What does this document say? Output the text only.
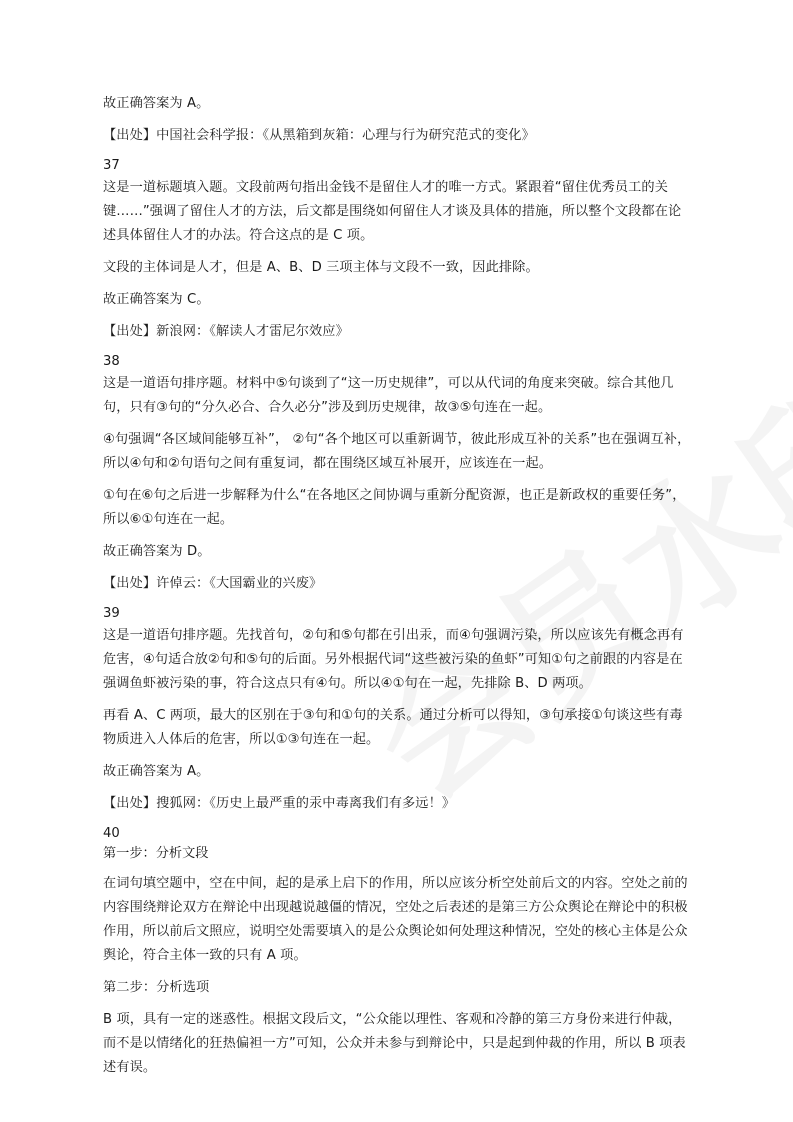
故正确答案为 A。

【出处】中国社会科学报：《从黑箱到灰箱：心理与行为研究范式的变化》

37

这是一道标题填入题。文段前两句指出金钱不是留住人才的唯一方式。紧跟着“留住优秀员工的关键……”强调了留住人才的方法，后文都是围绕如何留住人才谈及具体的措施，所以整个文段都在论述具体留住人才的办法。符合这点的是 C 项。

文段的主体词是人才，但是 A、B、D 三项主体与文段不一致，因此排除。

故正确答案为 C。

【出处】新浪网：《解读人才雷尼尔效应》

38

这是一道语句排序题。材料中⑤句谈到了“这一历史规律”，可以从代词的角度来突破。综合其他几句，只有③句的“分久必合、合久必分”涉及到历史规律，故③⑤句连在一起。

④句强调“各区域间能够互补”， ②句“各个地区可以重新调节，彼此形成互补的关系”也在强调互补，所以④句和②句语句之间有重复词，都在围绕区域互补展开，应该连在一起。

①句在⑥句之后进一步解释为什么“在各地区之间协调与重新分配资源，也正是新政权的重要任务”，所以⑥①句连在一起。

故正确答案为 D。

【出处】许倬云：《大国霸业的兴废》

39

这是一道语句排序题。先找首句，②句和⑤句都在引出汞，而④句强调污染，所以应该先有概念再有危害，④句适合放②句和⑤句的后面。另外根据代词“这些被污染的鱼虾”可知①句之前跟的内容是在强调鱼虾被污染的事，符合这点只有④句。所以④①句在一起，先排除 B、D 两项。

再看 A、C 两项，最大的区别在于③句和①句的关系。通过分析可以得知，③句承接①句谈这些有毒物质进入人体后的危害，所以①③句连在一起。

故正确答案为 A。

【出处】搜狐网：《历史上最严重的汞中毒离我们有多远！》

40

第一步：分析文段

在词句填空题中，空在中间，起的是承上启下的作用，所以应该分析空处前后文的内容。空处之前的内容围绕辩论双方在辩论中出现越说越僵的情况，空处之后表述的是第三方公众舆论在辩论中的积极作用，所以前后文照应，说明空处需要填入的是公众舆论如何处理这种情况，空处的核心主体是公众舆论，符合主体一致的只有 A 项。

第二步：分析选项

B 项，具有一定的迷惑性。根据文段后文，“公众能以理性、客观和冷静的第三方身份来进行仲裁，而不是以情绪化的狂热偏袒一方”可知，公众并未参与到辩论中，只是起到仲裁的作用，所以 B 项表述有误。
